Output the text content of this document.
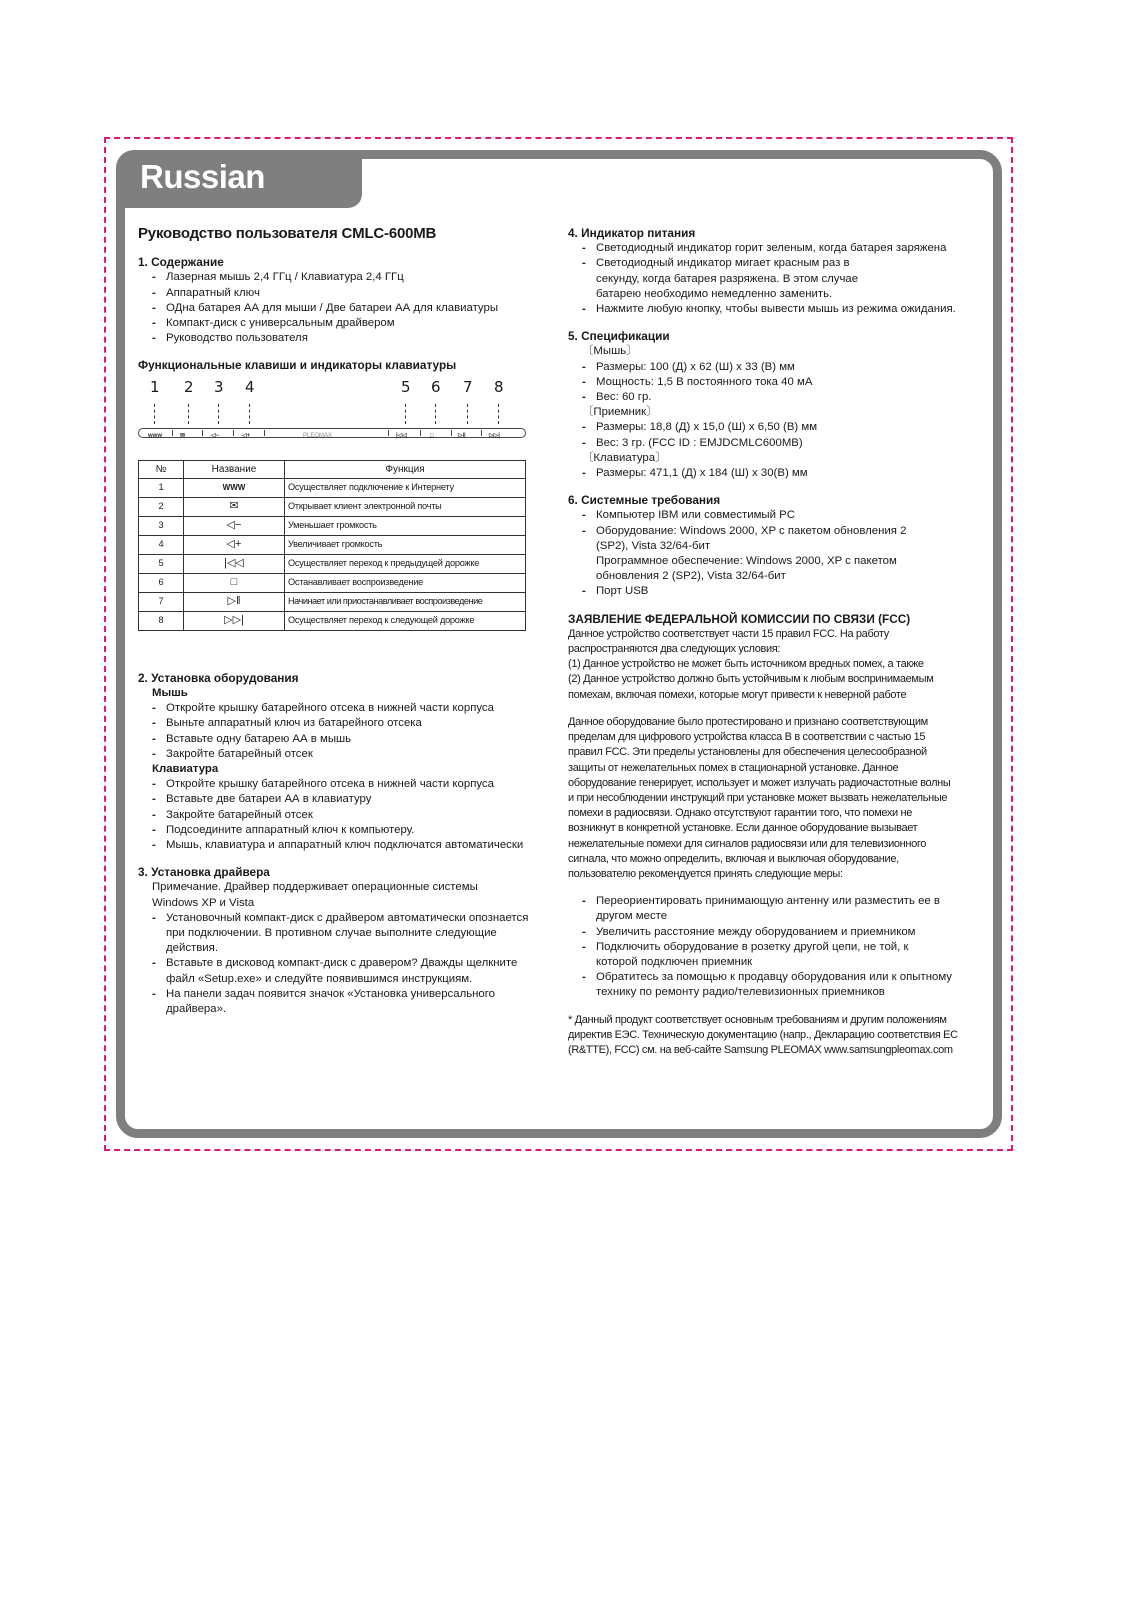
Russian
Руководство пользователя CMLC-600MB
1. Содержание
- Лазерная мышь 2,4 ГГц / Клавиатура 2,4 ГГц
- Аппаратный ключ
- ОДна батарея АА для мыши / Две батареи АА для клавиатуры
- Компакт-диск с универсальным драйвером
- Руководство пользователя
Функциональные клавиши и индикаторы клавиатуры
1 2 3 4	5 6 7 8
www	✉	◁−	◁+	PLEOMAX	|◁◁	□	▷‖	▷▷|
№	Название	Функция
1	WWW	Осуществляет подключение к Интернету
2	✉	Открывает клиент электронной почты
3	◁−	Уменьшает громкость
4	◁+	Увеличивает громкость
5	|◁◁	Осуществляет переход к предыдущей дорожке
6	□	Останавливает воспроизведение
7	▷‖	Начинает или приостанавливает воспроизведение
8	▷▷|	Осуществляет переход к следующей дорожке
2. Установка оборудования
Мышь
- Откройте крышку батарейного отсека в нижней части корпуса
- Выньте аппаратный ключ из батарейного отсека
- Вставьте одну батарею АА в мышь
- Закройте батарейный отсек
Клавиатура
- Откройте крышку батарейного отсека в нижней части корпуса
- Вставьте две батареи АА в клавиатуру
- Закройте батарейный отсек
- Подсоедините аппаратный ключ к компьютеру.
- Мышь, клавиатура и аппаратный ключ подключатся автоматически
3. Установка драйвера
Примечание. Драйвер поддерживает операционные системы Windows XP и Vista
- Установочный компакт-диск с драйвером автоматически опознается при подключении. В противном случае выполните следующие действия.
- Вставьте в дисковод компакт-диск с дравером? Дважды щелкните файл «Setup.exe» и следуйте появившимся инструкциям.
- На панели задач появится значок «Установка универсального драйвера».
4. Индикатор питания
- Светодиодный индикатор горит зеленым, когда батарея заряжена
- Светодиодный индикатор мигает красным раз в секунду, когда батарея разряжена. В этом случае батарею необходимо немедленно заменить.
- Нажмите любую кнопку, чтобы вывести мышь из режима ожидания.
5. Спецификации
〔Мышь〕
- Размеры: 100 (Д) x 62 (Ш) x 33 (В) мм
- Мощность: 1,5 В постоянного тока 40 мА
- Вес: 60 гр.
〔Приемник〕
- Размеры: 18,8 (Д) x 15,0 (Ш) x 6,50 (В) мм
- Вес: 3 гр. (FCC ID : EMJDCMLC600MB)
〔Клавиатура〕
- Размеры: 471,1 (Д) x 184 (Ш) x 30(В) мм
6. Системные требования
- Компьютер IBM или совместимый PC
- Оборудование: Windows 2000, XP с пакетом обновления 2 (SP2), Vista 32/64-бит
Программное обеспечение: Windows 2000, XP с пакетом обновления 2 (SP2), Vista 32/64-бит
- Порт USB
ЗАЯВЛЕНИЕ ФЕДЕРАЛЬНОЙ КОМИССИИ ПО СВЯЗИ (FCC)
Данное устройство соответствует части 15 правил FCC. На работу распространяются два следующих условия:
(1) Данное устройство не может быть источником вредных помех, а также
(2) Данное устройство должно быть устойчивым к любым воспринимаемым помехам, включая помехи, которые могут привести к неверной работе
Данное оборудование было протестировано и признано соответствующим пределам для цифрового устройства класса B в соответствии с частью 15 правил FCC. Эти пределы установлены для обеспечения целесообразной защиты от нежелательных помех в стационарной установке. Данное оборудование генерирует, использует и может излучать радиочастотные волны и при несоблюдении инструкций при установке может вызвать нежелательные помехи в радиосвязи. Однако отсутствуют гарантии того, что помехи не возникнут в конкретной установке. Если данное оборудование вызывает нежелательные помехи для сигналов радиосвязи или для телевизионного сигнала, что можно определить, включая и выключая оборудование, пользователю рекомендуется принять следующие меры:
- Переориентировать принимающую антенну или разместить ее в другом месте
- Увеличить расстояние между оборудованием и приемником
- Подключить оборудование в розетку другой цепи, не той, к которой подключен приемник
- Обратитесь за помощью к продавцу оборудования или к опытному технику по ремонту радио/телевизионных приемников
* Данный продукт соответствует основным требованиям и другим положениям директив ЕЭС. Техническую документацию (напр., Декларацию соответствия EC (R&TTE), FCC) см. на веб-сайте Samsung PLEOMAX www.samsungpleomax.com
